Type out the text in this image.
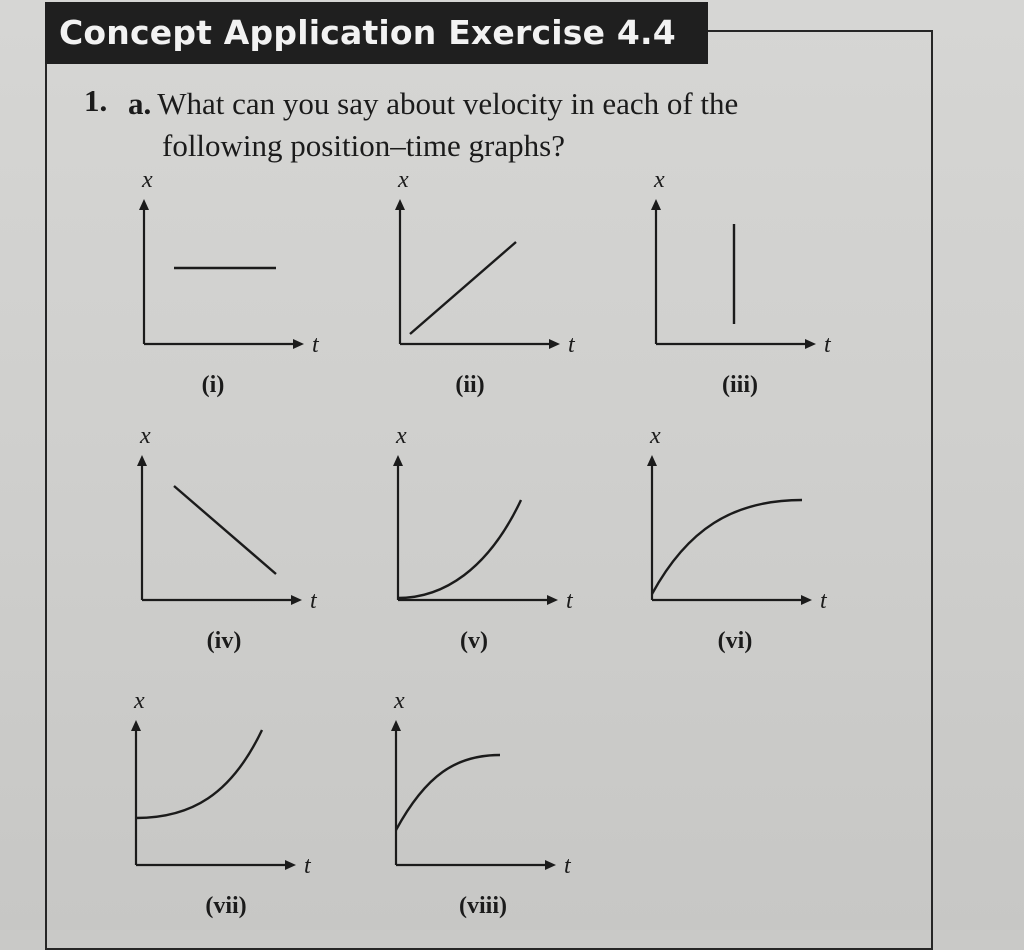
Concept Application Exercise 4.4
1. a. What can you say about velocity in each of the
following position–time graphs?
x
t
(i)
x
t
(ii)
x
t
(iii)
x
t
(iv)
x
t
(v)
x
t
(vi)
x
t
(vii)
x
t
(viii)
